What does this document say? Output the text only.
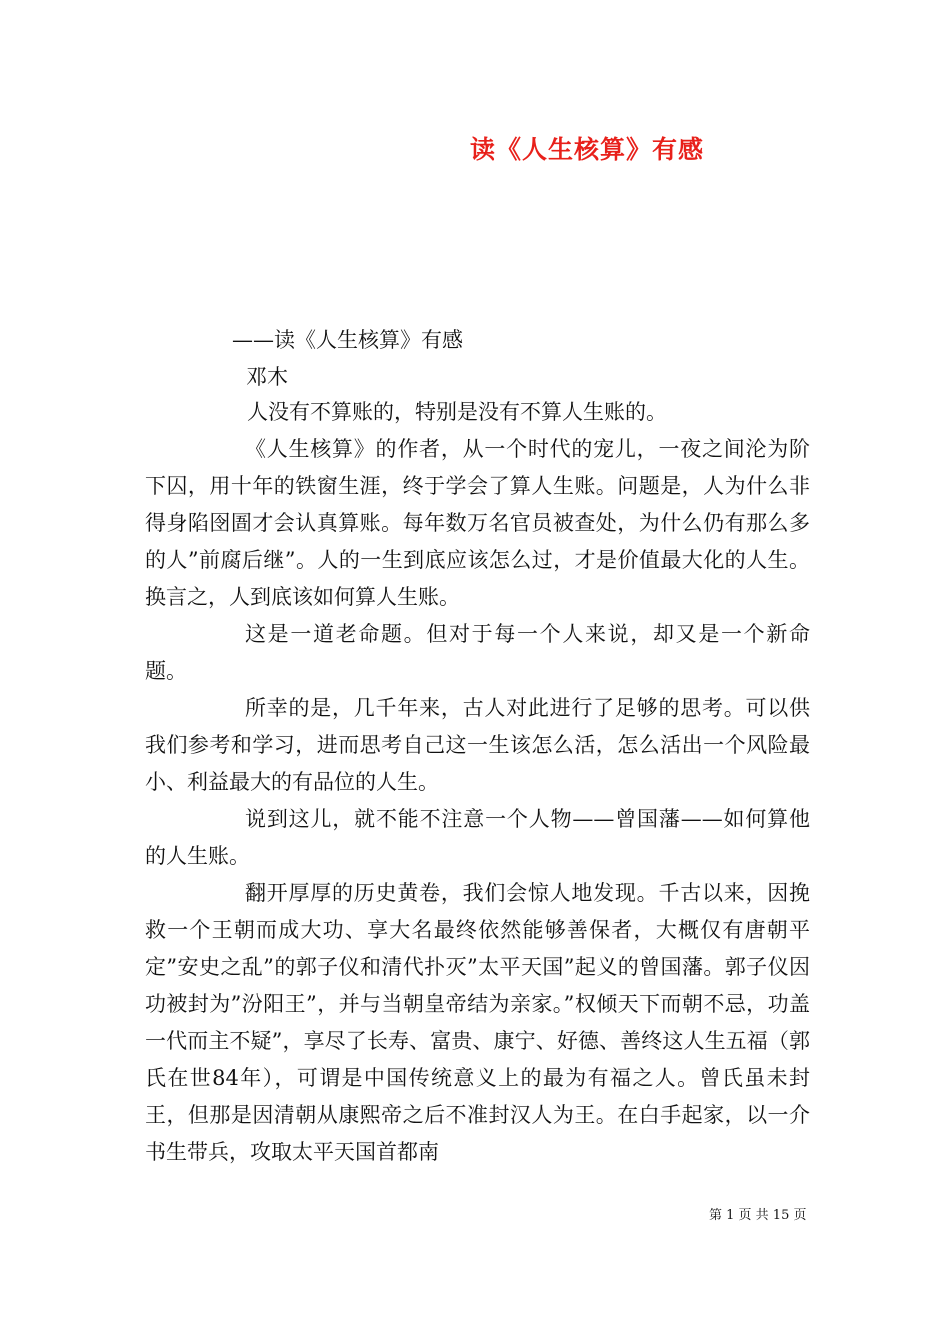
读《人生核算》有感
——读《人生核算》有感
邓木

人没有不算账的，特别是没有不算人生账的。

《人生核算》的作者，从一个时代的宠儿，一夜之间沦为阶下囚，用十年的铁窗生涯，终于学会了算人生账。问题是，人为什么非得身陷囹圄才会认真算账。每年数万名官员被查处，为什么仍有那么多的人”前腐后继”。人的一生到底应该怎么过，才是价值最大化的人生。换言之，人到底该如何算人生账。

这是一道老命题。但对于每一个人来说，却又是一个新命题。

所幸的是，几千年来，古人对此进行了足够的思考。可以供我们参考和学习，进而思考自己这一生该怎么活，怎么活出一个风险最小、利益最大的有品位的人生。

说到这儿，就不能不注意一个人物——曾国藩——如何算他的人生账。

翻开厚厚的历史黄卷，我们会惊人地发现。千古以来，因挽救一个王朝而成大功、享大名最终依然能够善保者，大概仅有唐朝平定”安史之乱”的郭子仪和清代扑灭”太平天国”起义的曾国藩。郭子仪因功被封为”汾阳王”，并与当朝皇帝结为亲家。”权倾天下而朝不忌，功盖一代而主不疑”，享尽了长寿、富贵、康宁、好德、善终这人生五福（郭氏在世84年），可谓是中国传统意义上的最为有福之人。曾氏虽未封王，但那是因清朝从康熙帝之后不准封汉人为王。在白手起家，以一介书生带兵，攻取太平天国首都南

第 1 页 共 15 页
